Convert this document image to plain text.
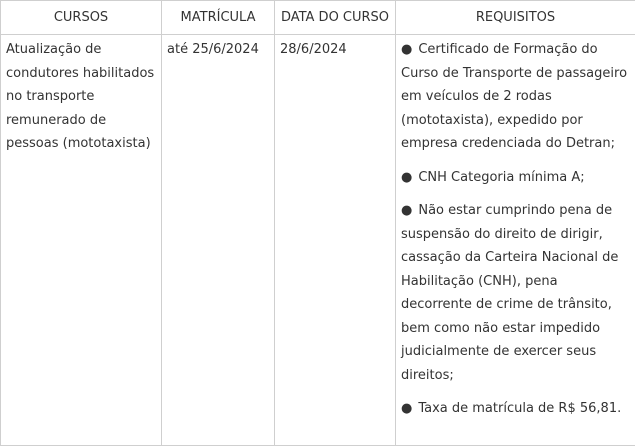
CURSOS	MATRÍCULA	DATA DO CURSO	REQUISITOS
Atualização de condutores habilitados no transporte remunerado de pessoas (mototaxista)	até 25/6/2024	28/6/2024	● Certificado de Formação do Curso de Transporte de passageiro em veículos de 2 rodas (mototaxista), expedido por empresa credenciada do Detran;
● CNH Categoria mínima A;
● Não estar cumprindo pena de suspensão do direito de dirigir, cassação da Carteira Nacional de Habilitação (CNH), pena decorrente de crime de trânsito, bem como não estar impedido judicialmente de exercer seus direitos;
● Taxa de matrícula de R$ 56,81.
